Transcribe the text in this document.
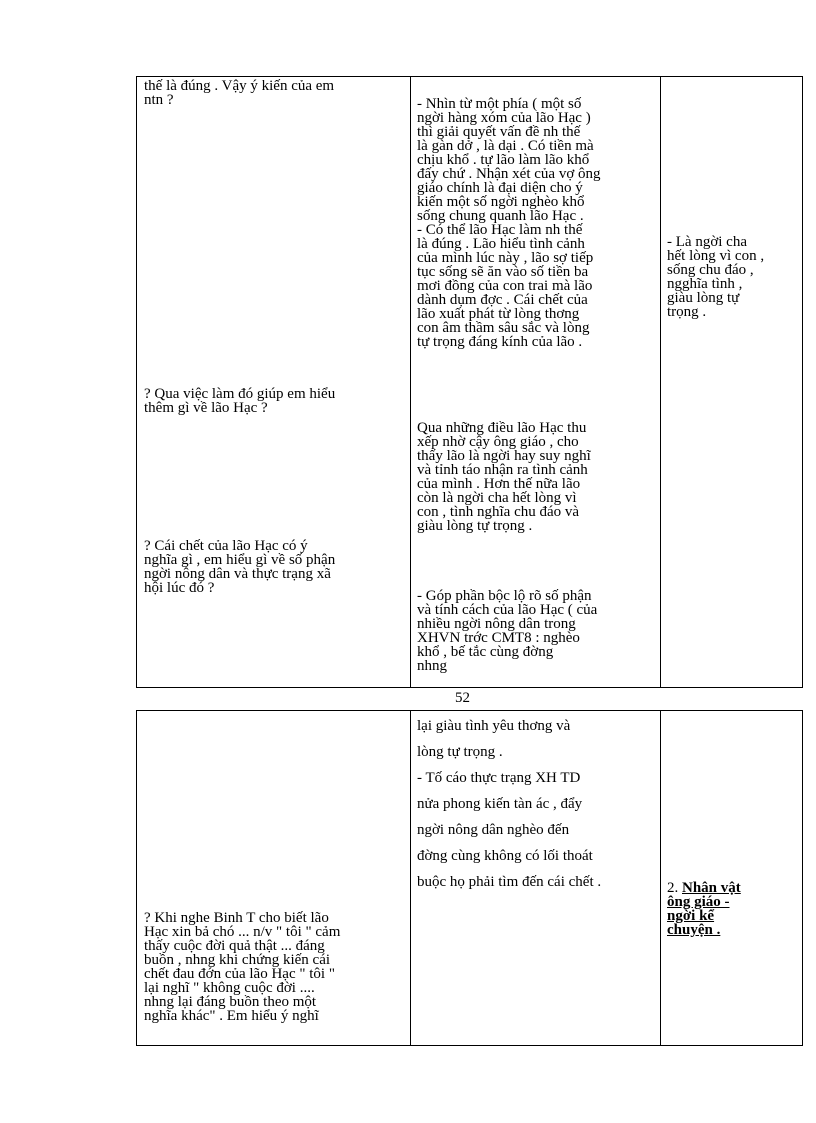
thế là đúng . Vậy ý kiến của em
ntn ?
? Qua việc làm đó giúp em hiểu
thêm gì về lão Hạc ?
? Cái chết của lão Hạc có ý
nghĩa gì , em hiểu gì về số phận
ngời nông dân và thực trạng xã
hội lúc đó ?
- Nhìn từ một phía ( một số
ngời hàng xóm của lão Hạc )
thì giải quyết vấn đề nh thế
là gàn dở , là dại . Có tiền mà
chịu khổ . tự lão làm lão khổ
đấy chứ . Nhận xét của vợ ông
giáo chính là đại diện cho ý
kiến một số ngời nghèo khổ
sống chung quanh lão Hạc .
- Có thể lão Hạc làm nh thế
là đúng . Lão hiểu tình cảnh
của mình lúc này , lão sợ tiếp
tục sống sẽ ăn vào số tiền ba
mơi đồng của con trai mà lão
dành dụm đợc . Cái chết của
lão xuất phát từ lòng thơng
con âm thầm sâu sắc và lòng
tự trọng đáng kính của lão .
Qua những điều lão Hạc thu
xếp nhờ cậy ông giáo , cho
thấy lão là ngời hay suy nghĩ
và tỉnh táo nhận ra tình cảnh
của mình . Hơn thế nữa lão
còn là ngời cha hết lòng vì
con , tình nghĩa chu đáo và
giàu lòng tự trọng .
- Góp phần bộc lộ rõ số phận
và tính cách của lão Hạc ( của
nhiều ngời nông dân trong
XHVN trớc CMT8 : nghèo
khổ , bế tắc cùng đờng
nhng
- Là ngời cha
hết lòng vì con ,
sống chu đáo ,
ngghĩa tình ,
giàu lòng tự
trọng .
52
? Khi nghe Binh T cho biết lão
Hạc xin bả chó ... n/v " tôi " cảm
thấy cuộc đời quả thật ... đáng
buồn , nhng khi chứng kiến cái
chết đau đớn của lão Hạc " tôi "
lại nghĩ " không cuộc đời ....
nhng lại đáng buồn theo một
nghĩa khác" . Em hiểu ý nghĩ
lại giàu tình yêu thơng và
lòng tự trọng .
- Tố cáo thực trạng XH TD
nửa phong kiến tàn ác , đẩy
ngời nông dân nghèo đến
đờng cùng không có lối thoát
buộc họ phải tìm đến cái chết .	2. Nhân vật
ông giáo -
ngời kể
chuyện .
